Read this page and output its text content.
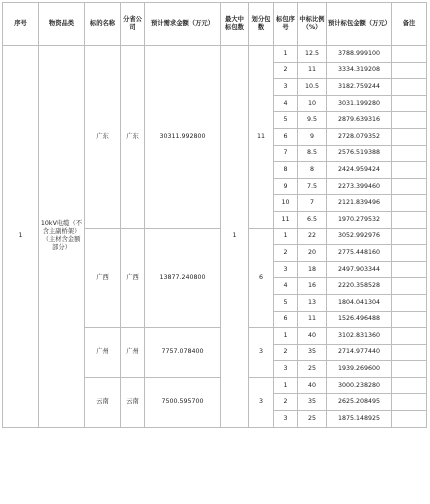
序号	物资品类	标的名称	分省公司	预计需求金额（万元）	最大中标包数	划分包数	标包序号	中标比例（%）	预计标包金额（万元）	备注
1	10kV电缆（不含主副桥架）（主材含金额部分）	广东	广东	30311.992800	1	11	1	12.5	3788.999100	
							2	11	3334.319208	
							3	10.5	3182.759244	
							4	10	3031.199280	
							5	9.5	2879.639316	
							6	9	2728.079352	
							7	8.5	2576.519388	
							8	8	2424.959424	
							9	7.5	2273.399460	
							10	7	2121.839496	
							11	6.5	1970.279532	
		广西	广西	13877.240800		6	1	22	3052.992976	
							2	20	2775.448160	
							3	18	2497.903344	
							4	16	2220.358528	
							5	13	1804.041304	
							6	11	1526.496488	
		广州	广州	7757.078400		3	1	40	3102.831360	
							2	35	2714.977440	
							3	25	1939.269600	
		云南	云南	7500.595700		3	1	40	3000.238280	
							2	35	2625.208495	
							3	25	1875.148925	
